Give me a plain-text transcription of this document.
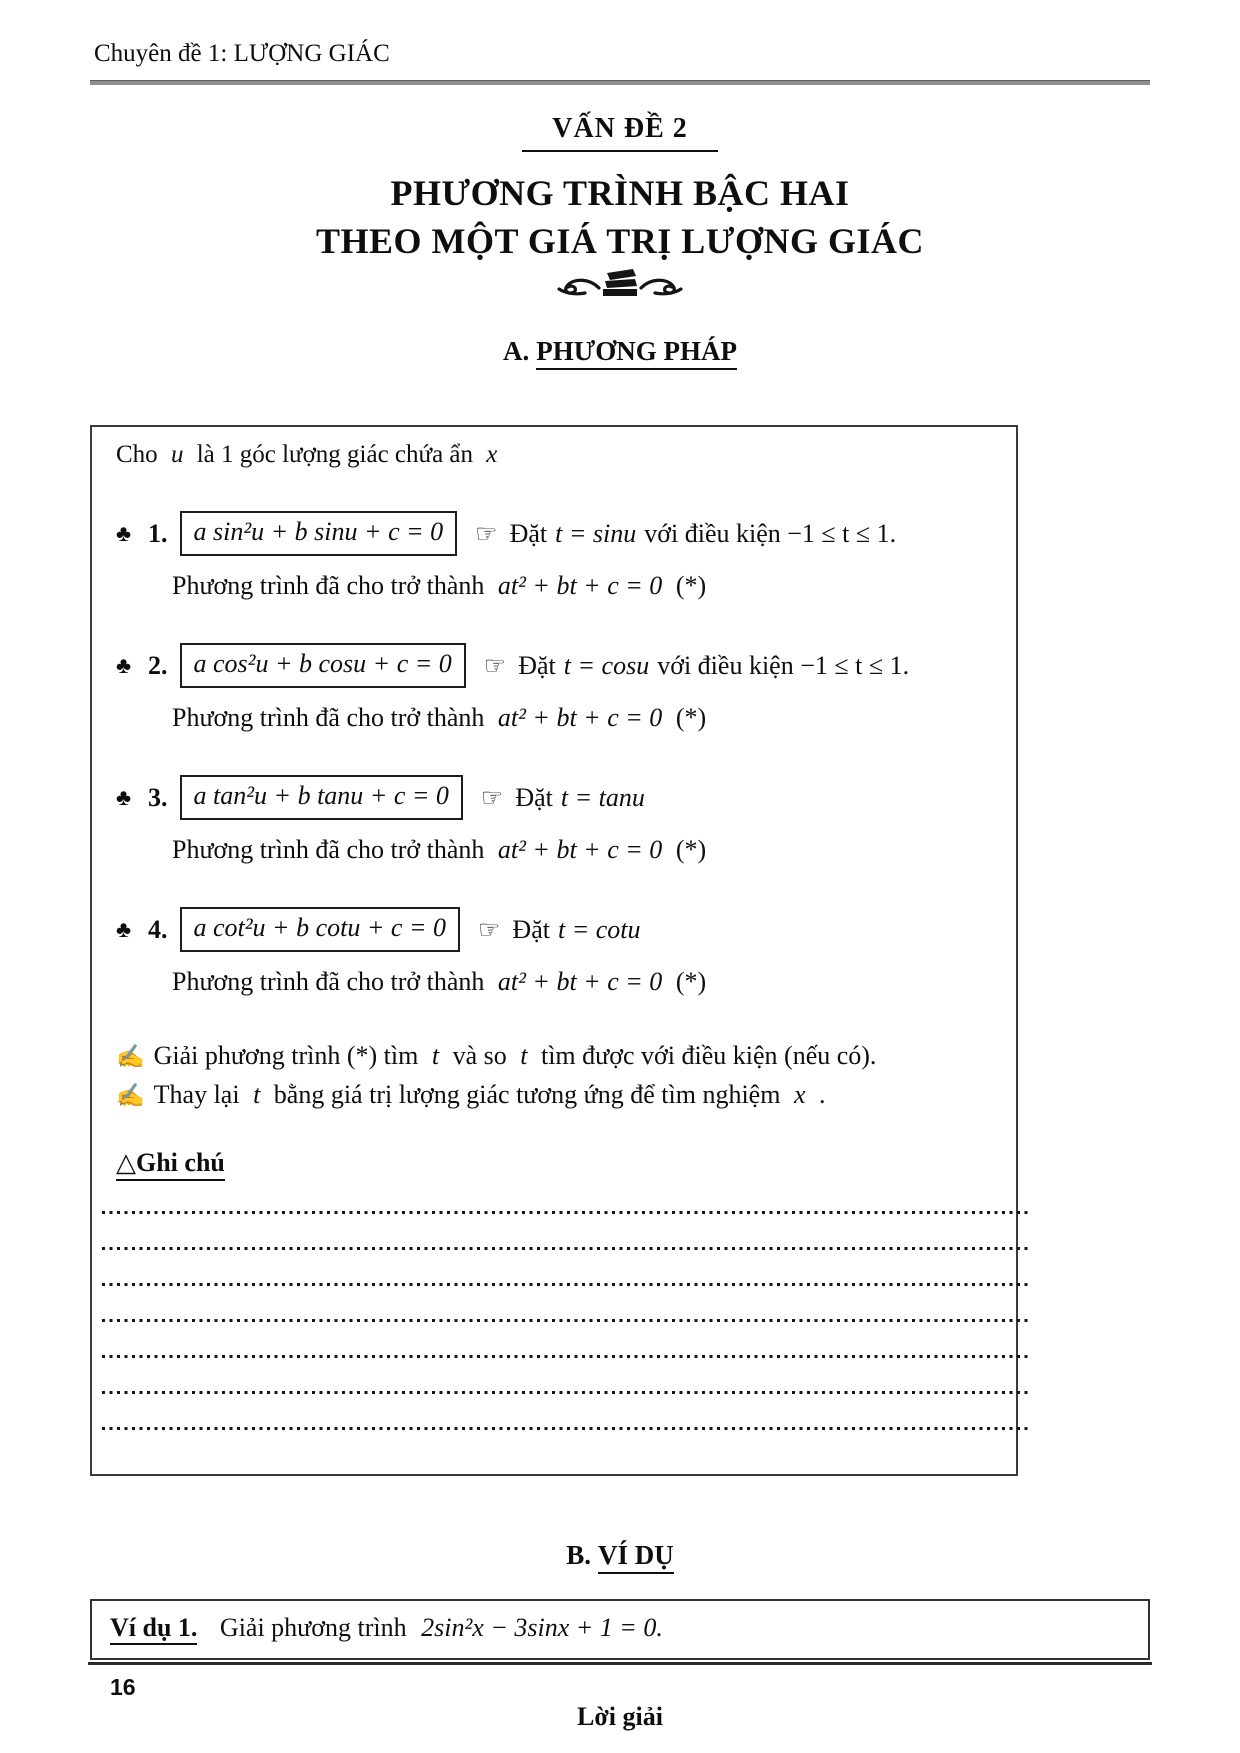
Chuyên đề 1: LƯỢNG GIÁC
VẤN ĐỀ 2
PHƯƠNG TRÌNH BẬC HAI
THEO MỘT GIÁ TRỊ LƯỢNG GIÁC
A. PHƯƠNG PHÁP
Cho u là 1 góc lượng giác chứa ẩn x
♣ 1.	a sin²u + b sinu + c = 0	☞ Đặt t = sinu với điều kiện −1 ≤ t ≤ 1.
Phương trình đã cho trở thành at² + bt + c = 0 (*)
♣ 2.	a cos²u + b cosu + c = 0	☞ Đặt t = cosu với điều kiện −1 ≤ t ≤ 1.
Phương trình đã cho trở thành at² + bt + c = 0 (*)
♣ 3.	a tan²u + b tanu + c = 0	☞ Đặt t = tanu
Phương trình đã cho trở thành at² + bt + c = 0 (*)
♣ 4.	a cot²u + b cotu + c = 0	☞ Đặt t = cotu
Phương trình đã cho trở thành at² + bt + c = 0 (*)
✍ Giải phương trình (*) tìm t và so t tìm được với điều kiện (nếu có).
✍ Thay lại t bằng giá trị lượng giác tương ứng để tìm nghiệm x .
△Ghi chú
B. VÍ DỤ
Ví dụ 1. Giải phương trình 2sin²x − 3sinx + 1 = 0.
Lời giải
16
